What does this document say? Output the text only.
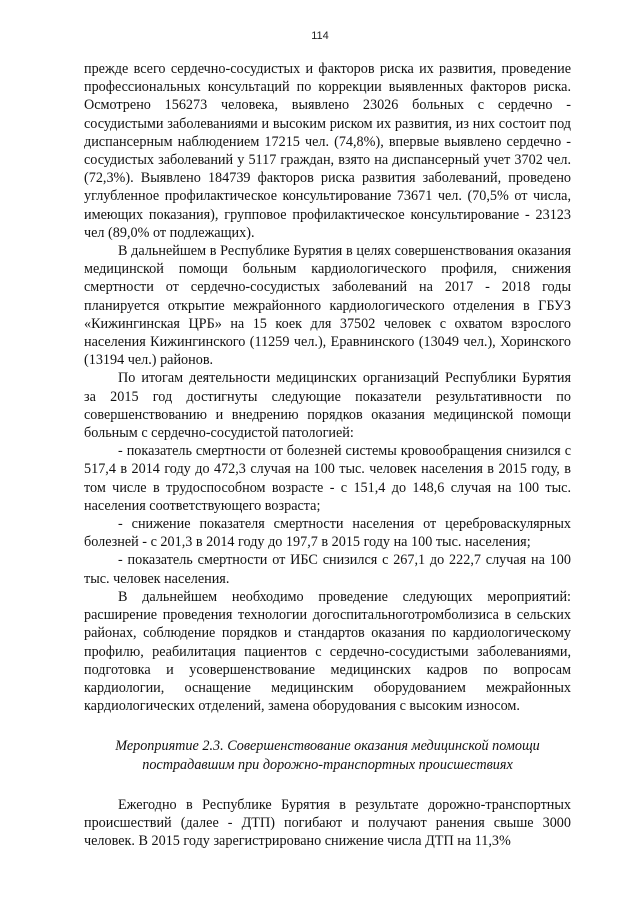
114

прежде всего сердечно-сосудистых и факторов риска их развития, проведение профессиональных консультаций по коррекции выявленных факторов риска. Осмотрено 156273 человека, выявлено 23026 больных с сердечно - сосудистыми заболеваниями и высоким риском их развития, из них состоит под диспансерным наблюдением 17215 чел. (74,8%), впервые выявлено сердечно - сосудистых заболеваний у 5117 граждан, взято на диспансерный учет 3702 чел. (72,3%). Выявлено 184739 факторов риска развития заболеваний, проведено углубленное профилактическое консультирование 73671 чел. (70,5% от числа, имеющих показания), групповое профилактическое консультирование - 23123 чел (89,0% от подлежащих).

В дальнейшем в Республике Бурятия в целях совершенствования оказания медицинской помощи больным кардиологического профиля, снижения смертности от сердечно-сосудистых заболеваний на 2017 - 2018 годы планируется открытие межрайонного кардиологического отделения в ГБУЗ «Кижингинская ЦРБ» на 15 коек для 37502 человек с охватом взрослого населения Кижингинского (11259 чел.), Еравнинского (13049 чел.), Хоринского (13194 чел.) районов.

По итогам деятельности медицинских организаций Республики Бурятия за 2015 год достигнуты следующие показатели результативности по совершенствованию и внедрению порядков оказания медицинской помощи больным с сердечно-сосудистой патологией:

- показатель смертности от болезней системы кровообращения снизился с 517,4 в 2014 году до 472,3 случая на 100 тыс. человек населения в 2015 году, в том числе в трудоспособном возрасте - с 151,4 до 148,6 случая на 100 тыс. населения соответствующего возраста;

- снижение показателя смертности населения от цереброваскулярных болезней - с 201,3 в 2014 году до 197,7 в 2015 году на 100 тыс. населения;

- показатель смертности от ИБС снизился с 267,1 до 222,7 случая на 100 тыс. человек населения.

В дальнейшем необходимо проведение следующих мероприятий: расширение проведения технологии догоспитальноготромболизиса в сельских районах, соблюдение порядков и стандартов оказания по кардиологическому профилю, реабилитация пациентов с сердечно-сосудистыми заболеваниями, подготовка и усовершенствование медицинских кадров по вопросам кардиологии, оснащение медицинским оборудованием межрайонных кардиологических отделений, замена оборудования с высоким износом.

Мероприятие 2.3. Совершенствование оказания медицинской помощи пострадавшим при дорожно-транспортных происшествиях

Ежегодно в Республике Бурятия в результате дорожно-транспортных происшествий (далее - ДТП) погибают и получают ранения свыше 3000 человек. В 2015 году зарегистрировано снижение числа ДТП на 11,3%
